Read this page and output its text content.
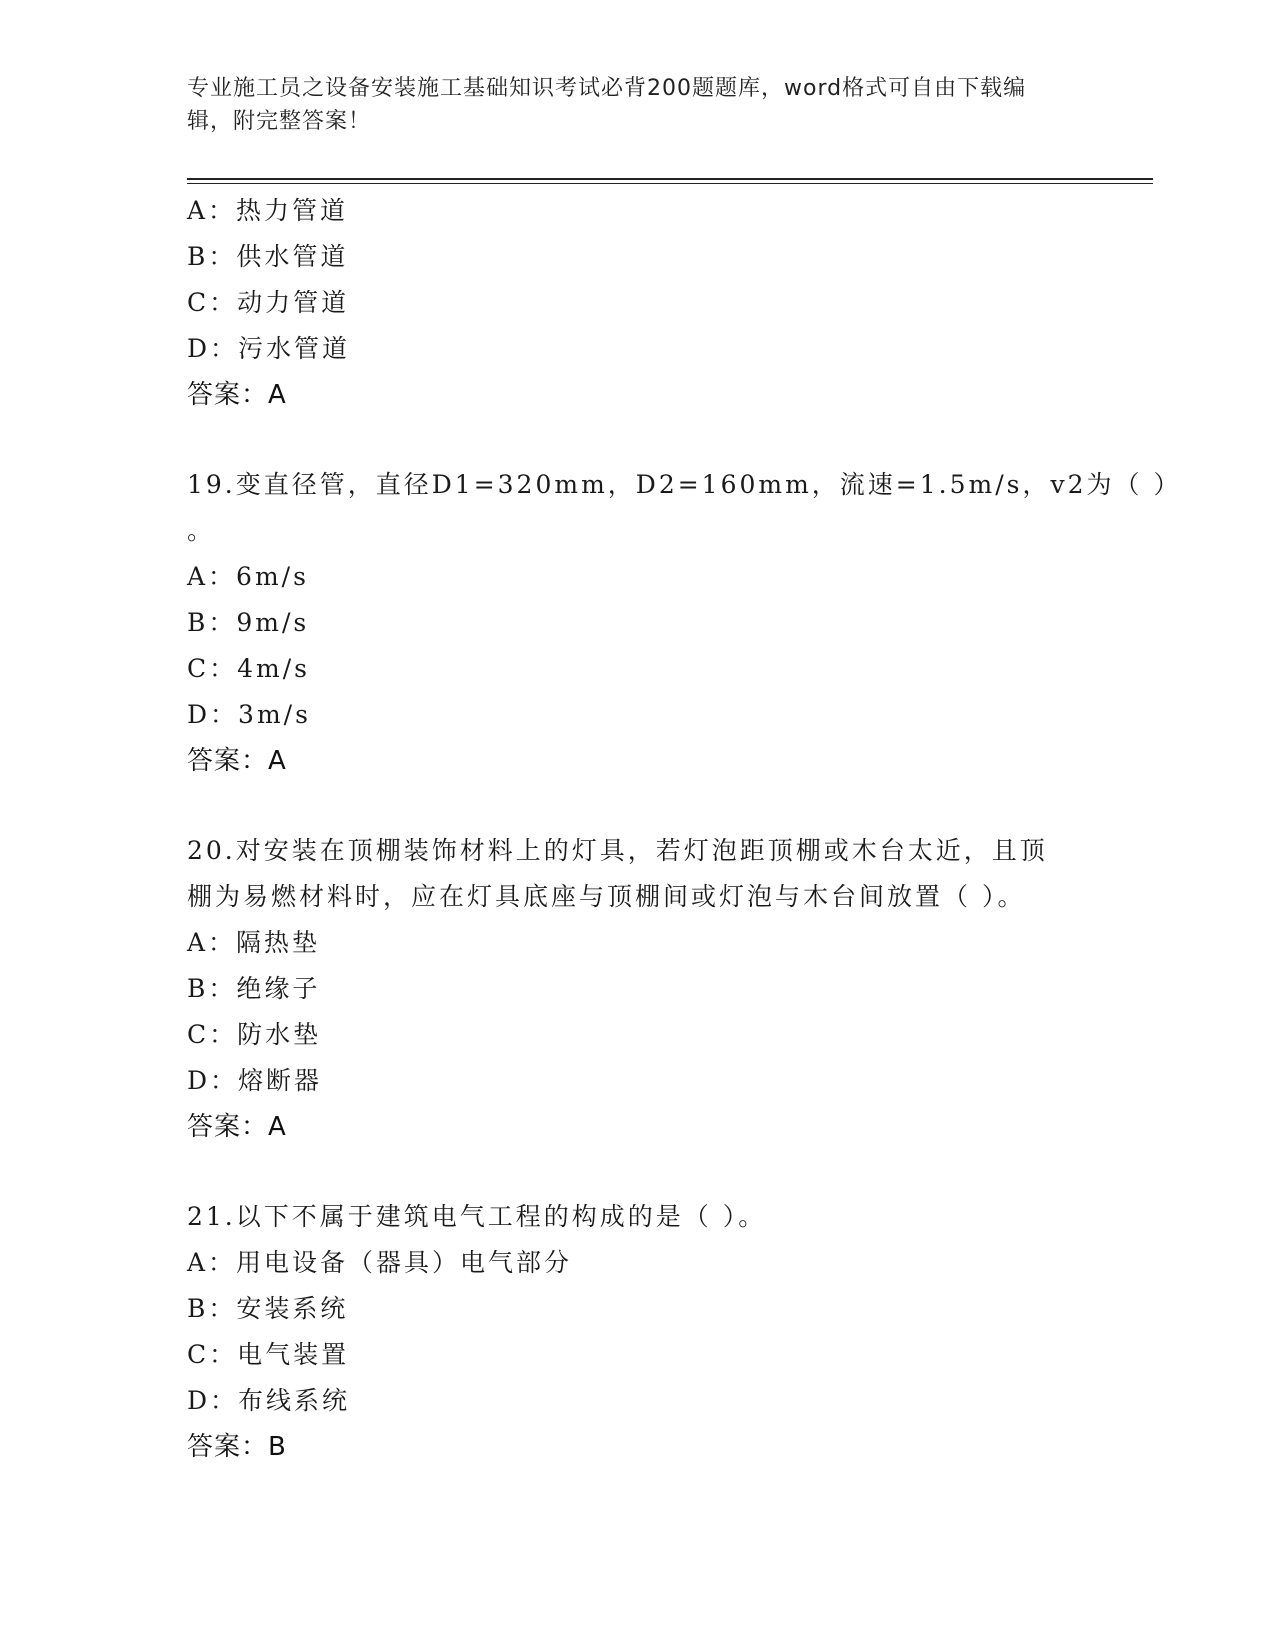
专业施工员之设备安装施工基础知识考试必背200题题库，word格式可自由下载编辑，附完整答案！
A：热力管道
B：供水管道
C：动力管道
D：污水管道
答案：A
19.变直径管，直径D1=320mm，D2=160mm，流速=1.5m/s，v2为（ ）
。
A：6m/s
B：9m/s
C：4m/s
D：3m/s
答案：A
20.对安装在顶棚装饰材料上的灯具，若灯泡距顶棚或木台太近，且顶
棚为易燃材料时，应在灯具底座与顶棚间或灯泡与木台间放置（ ）。
A：隔热垫
B：绝缘子
C：防水垫
D：熔断器
答案：A
21.以下不属于建筑电气工程的构成的是（ ）。
A：用电设备（器具）电气部分
B：安装系统
C：电气装置
D：布线系统
答案：B
